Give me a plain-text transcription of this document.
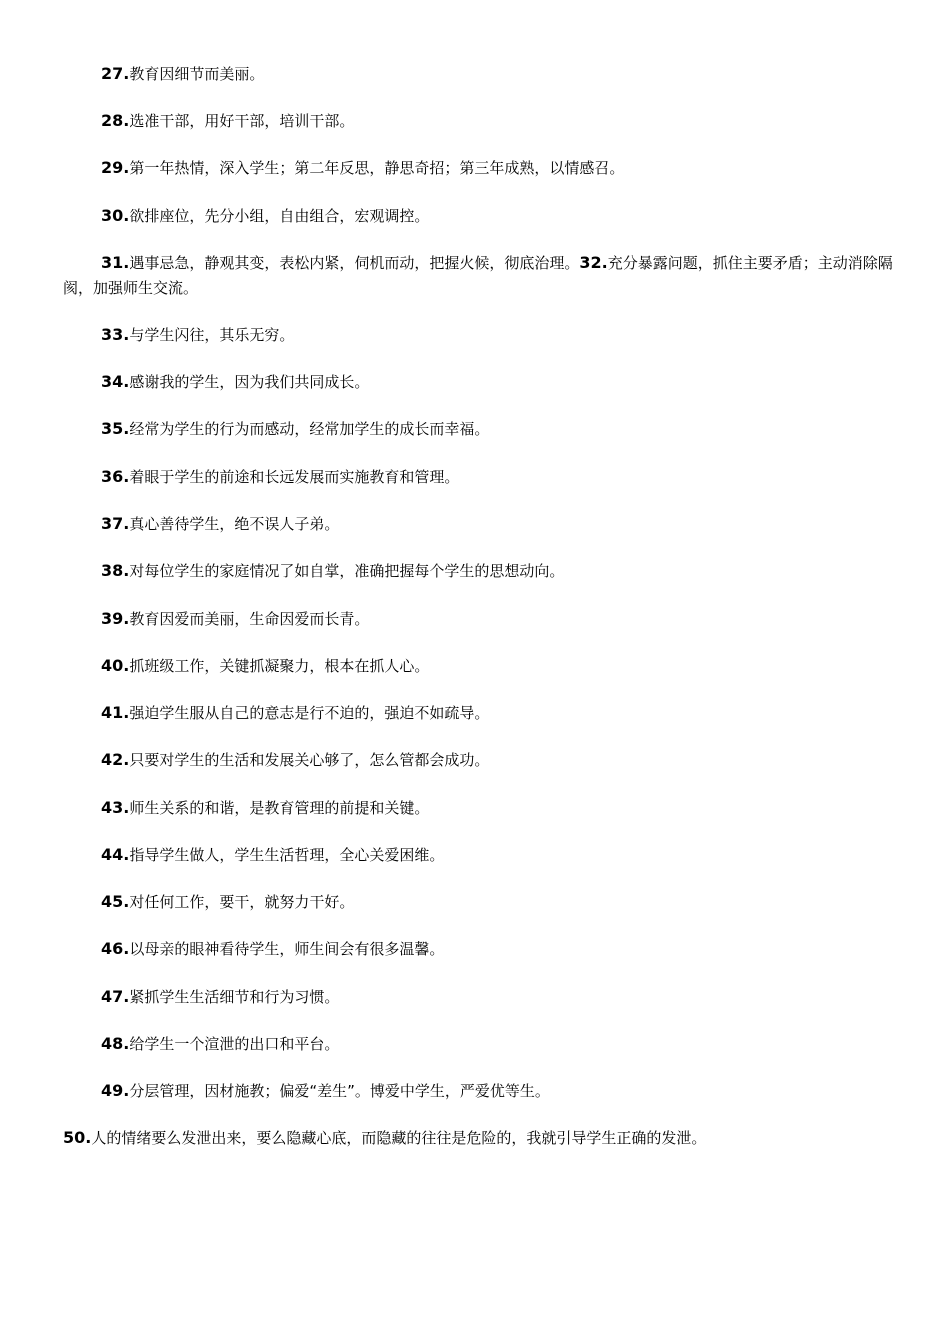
27.教育因细节而美丽。
28.选准干部，用好干部，培训干部。
29.第一年热情，深入学生；第二年反思，静思奇招；第三年成熟，以情感召。
30.欲排座位，先分小组，自由组合，宏观调控。
31.遇事忌急，静观其变，表松内紧，伺机而动，把握火候，彻底治理。32.充分暴露问题，抓住主要矛盾；主动消除隔阂，加强师生交流。
33.与学生闪往，其乐无穷。
34.感谢我的学生，因为我们共同成长。
35.经常为学生的行为而感动，经常加学生的成长而幸福。
36.着眼于学生的前途和长远发展而实施教育和管理。
37.真心善待学生，绝不误人子弟。
38.对每位学生的家庭情况了如自掌，准确把握每个学生的思想动向。
39.教育因爱而美丽，生命因爱而长青。
40.抓班级工作，关键抓凝聚力，根本在抓人心。
41.强迫学生服从自己的意志是行不迫的，强迫不如疏导。
42.只要对学生的生活和发展关心够了，怎么管都会成功。
43.师生关系的和谐，是教育管理的前提和关键。
44.指导学生做人，学生生活哲理，全心关爱困维。
45.对任何工作，要干，就努力干好。
46.以母亲的眼神看待学生，师生间会有很多温馨。
47.紧抓学生生活细节和行为习惯。
48.给学生一个渲泄的出口和平台。
49.分层管理，因材施教；偏爱“差生”。博爱中学生，严爱优等生。
50.人的情绪要么发泄出来，要么隐藏心底，而隐藏的往往是危险的，我就引导学生正确的发泄。
